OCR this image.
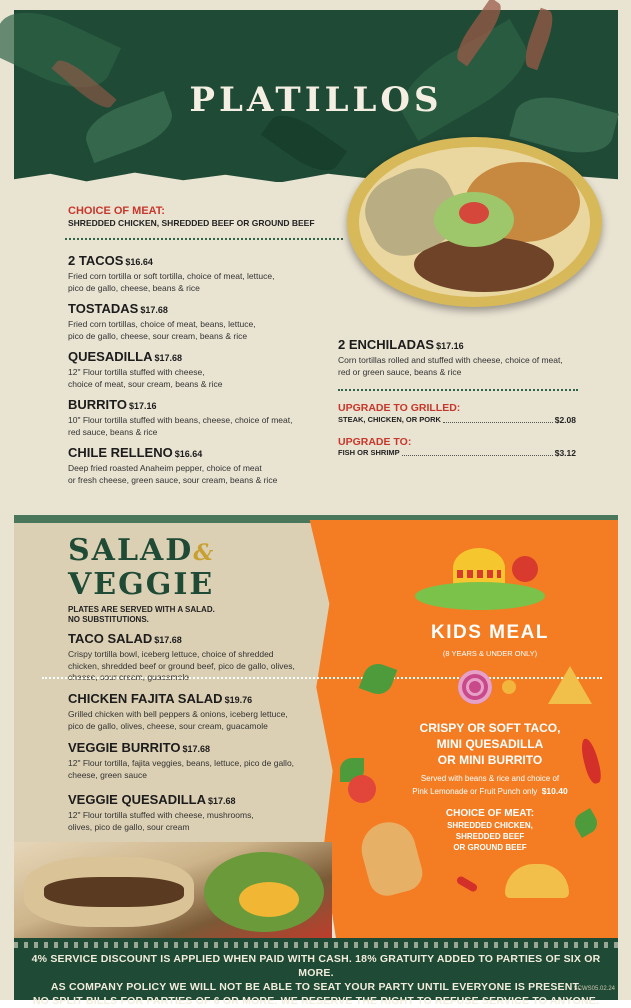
PLATILLOS

CHOICE OF MEAT:

SHREDDED CHICKEN, SHREDDED BEEF OR GROUND BEEF

2 TACOS $16.64
Fried corn tortilla or soft tortilla, choice of meat, lettuce,
pico de gallo, cheese, beans & rice
TOSTADAS $17.68
Fried corn tortillas, choice of meat, beans, lettuce,
pico de gallo, cheese, sour cream, beans & rice
QUESADILLA $17.68
12" Flour tortilla stuffed with cheese,
choice of meat, sour cream, beans & rice
BURRITO $17.16
10" Flour tortilla stuffed with beans, cheese, choice of meat,
red sauce, beans & rice
CHILE RELLENO $16.64
Deep fried roasted Anaheim pepper, choice of meat
or fresh cheese, green sauce, sour cream, beans & rice
2 ENCHILADAS $17.16
Corn tortillas rolled and stuffed with cheese, choice of meat,
red or green sauce, beans & rice

UPGRADE TO GRILLED:

STEAK, CHICKEN, OR PORK	$2.08

UPGRADE TO:

FISH OR SHRIMP	$3.12
SALAD&
VEGGIE

PLATES ARE SERVED WITH A SALAD.
NO SUBSTITUTIONS.

TACO SALAD $17.68
Crispy tortilla bowl, iceberg lettuce, choice of shredded
chicken, shredded beef or ground beef, pico de gallo, olives,
cheese, sour cream, guacamole
CHICKEN FAJITA SALAD $19.76
Grilled chicken with bell peppers & onions, iceberg lettuce,
pico de gallo, olives, cheese, sour cream, guacamole
VEGGIE BURRITO $17.68
12" Flour tortilla, fajita veggies, beans, lettuce, pico de gallo,
cheese, green sauce
VEGGIE QUESADILLA $17.68
12" Flour tortilla stuffed with cheese, mushrooms,
olives, pico de gallo, sour cream
KIDS MEAL

(8 YEARS & UNDER ONLY)

CRISPY OR SOFT TACO,
MINI QUESADILLA
OR MINI BURRITO

Served with beans & rice and choice of
Pink Lemonade or Fruit Punch only $10.40

CHOICE OF MEAT:

SHREDDED CHICKEN,
SHREDDED BEEF
OR GROUND BEEF

4% SERVICE DISCOUNT IS APPLIED WHEN PAID WITH CASH. 18% GRATUITY ADDED TO PARTIES OF SIX OR MORE.
AS COMPANY POLICY WE WILL NOT BE ABLE TO SEAT YOUR PARTY UNTIL EVERYONE IS PRESENT.
NO SPLIT BILLS FOR PARTIES OF 6 OR MORE. WE RESERVE THE RIGHT TO REFUSE SERVICE TO ANYONE.

SCWS05.02.24
